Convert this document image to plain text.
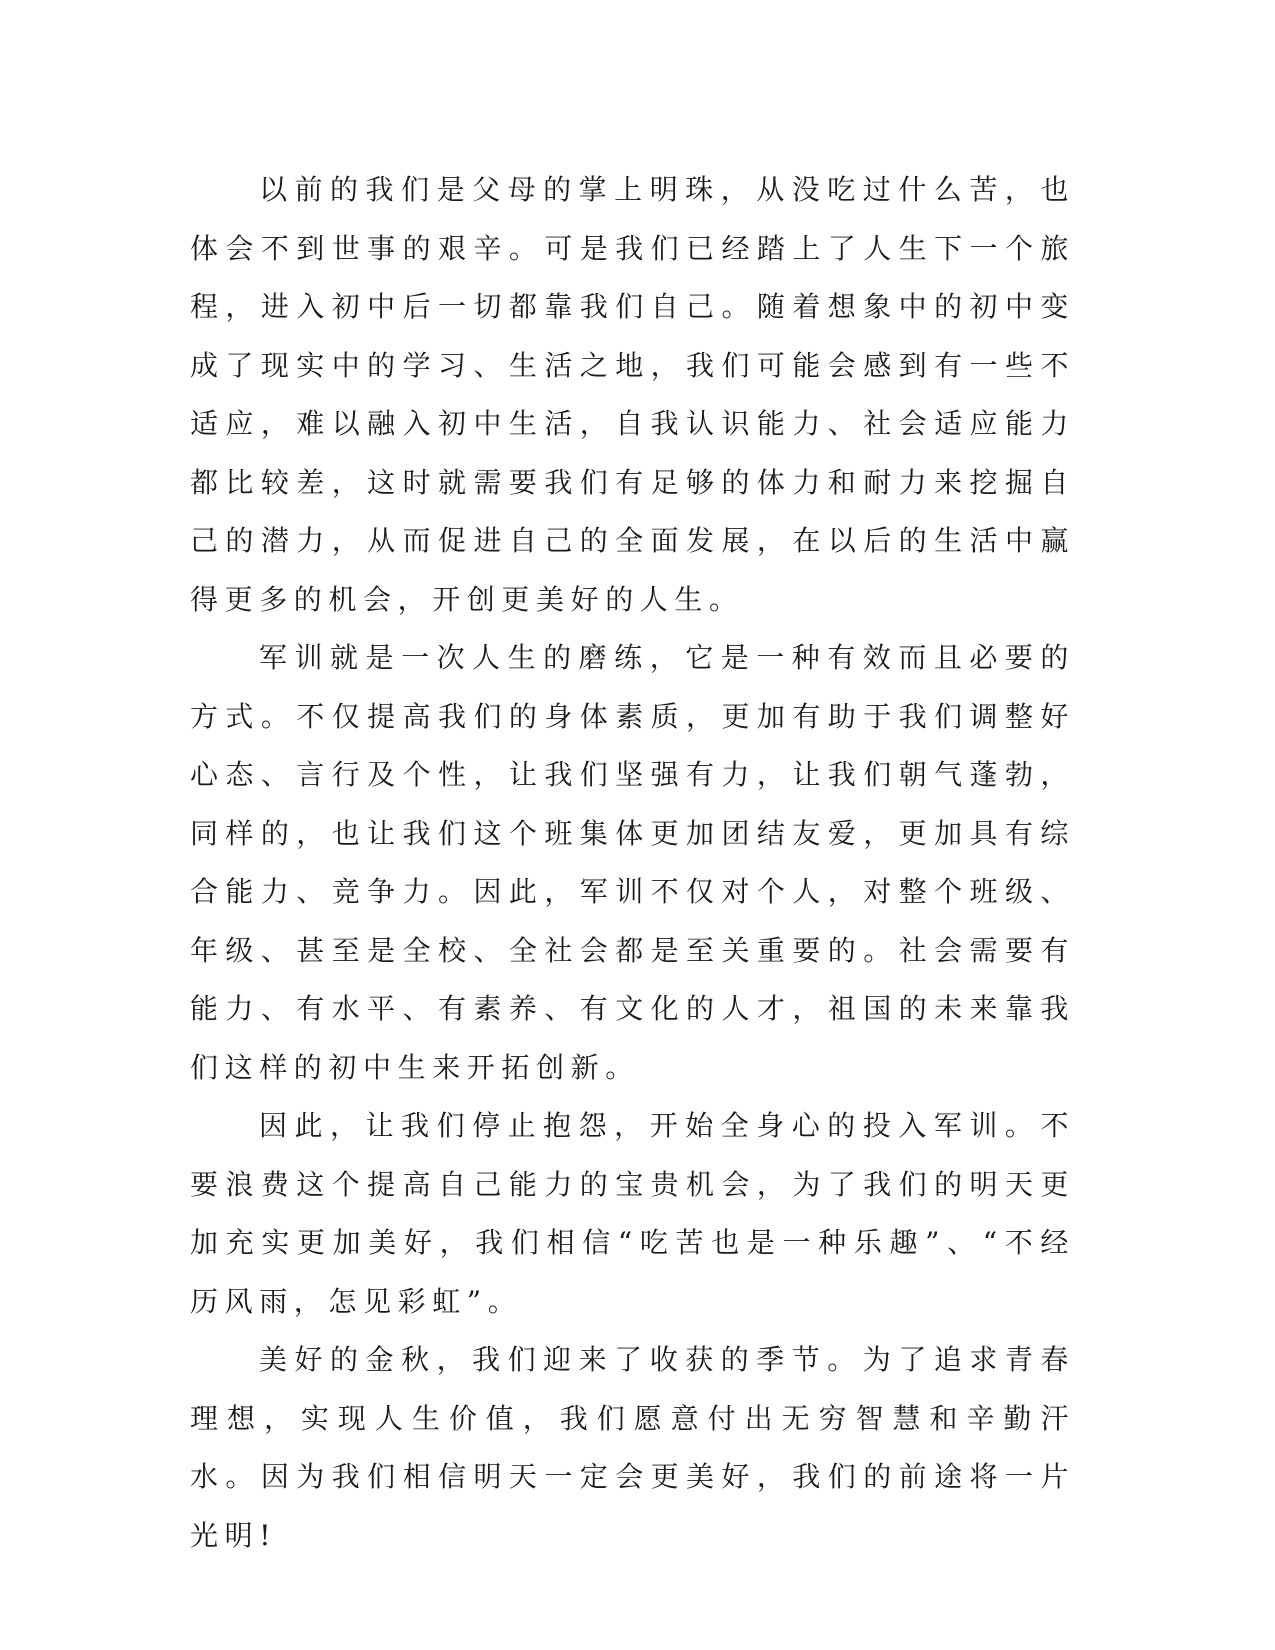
以前的我们是父母的掌上明珠，从没吃过什么苦，也体会不到世事的艰辛。可是我们已经踏上了人生下一个旅程，进入初中后一切都靠我们自己。随着想象中的初中变成了现实中的学习、生活之地，我们可能会感到有一些不适应，难以融入初中生活，自我认识能力、社会适应能力都比较差，这时就需要我们有足够的体力和耐力来挖掘自己的潜力，从而促进自己的全面发展，在以后的生活中赢得更多的机会，开创更美好的人生。

军训就是一次人生的磨练，它是一种有效而且必要的方式。不仅提高我们的身体素质，更加有助于我们调整好心态、言行及个性，让我们坚强有力，让我们朝气蓬勃，同样的，也让我们这个班集体更加团结友爱，更加具有综合能力、竞争力。因此，军训不仅对个人，对整个班级、年级、甚至是全校、全社会都是至关重要的。社会需要有能力、有水平、有素养、有文化的人才，祖国的未来靠我们这样的初中生来开拓创新。

因此，让我们停止抱怨，开始全身心的投入军训。不要浪费这个提高自己能力的宝贵机会，为了我们的明天更加充实更加美好，我们相信“吃苦也是一种乐趣”、“不经历风雨，怎见彩虹”。

美好的金秋，我们迎来了收获的季节。为了追求青春理想，实现人生价值，我们愿意付出无穷智慧和辛勤汗水。因为我们相信明天一定会更美好，我们的前途将一片光明!
